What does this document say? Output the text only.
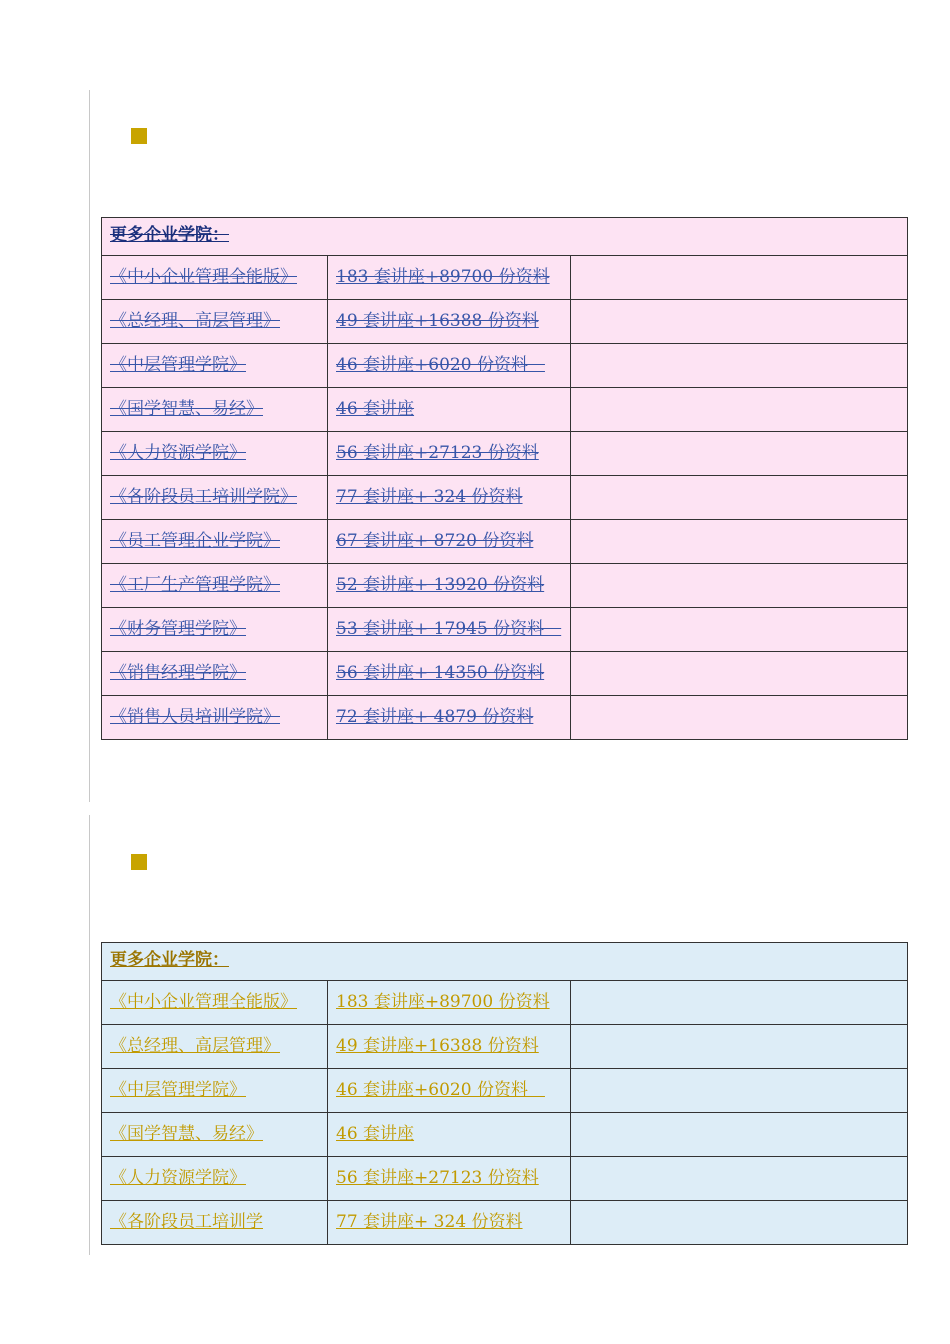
更多企业学院：		
《中小企业管理全能版》	183 套讲座+89700 份资料	
《总经理、高层管理》	49 套讲座+16388 份资料	
《中层管理学院》	46 套讲座+6020 份资料　	
《国学智慧、易经》	46 套讲座	
《人力资源学院》	56 套讲座+27123 份资料	
《各阶段员工培训学院》	77 套讲座+ 324 份资料	
《员工管理企业学院》	67 套讲座+ 8720 份资料	
《工厂生产管理学院》	52 套讲座+ 13920 份资料	
《财务管理学院》	53 套讲座+ 17945 份资料　	
《销售经理学院》	56 套讲座+ 14350 份资料	
《销售人员培训学院》	72 套讲座+ 4879 份资料	
更多企业学院：		
《中小企业管理全能版》	183 套讲座+89700 份资料	
《总经理、高层管理》	49 套讲座+16388 份资料	
《中层管理学院》	46 套讲座+6020 份资料　	
《国学智慧、易经》	46 套讲座	
《人力资源学院》	56 套讲座+27123 份资料	
《各阶段员工培训学	77 套讲座+ 324 份资料	
